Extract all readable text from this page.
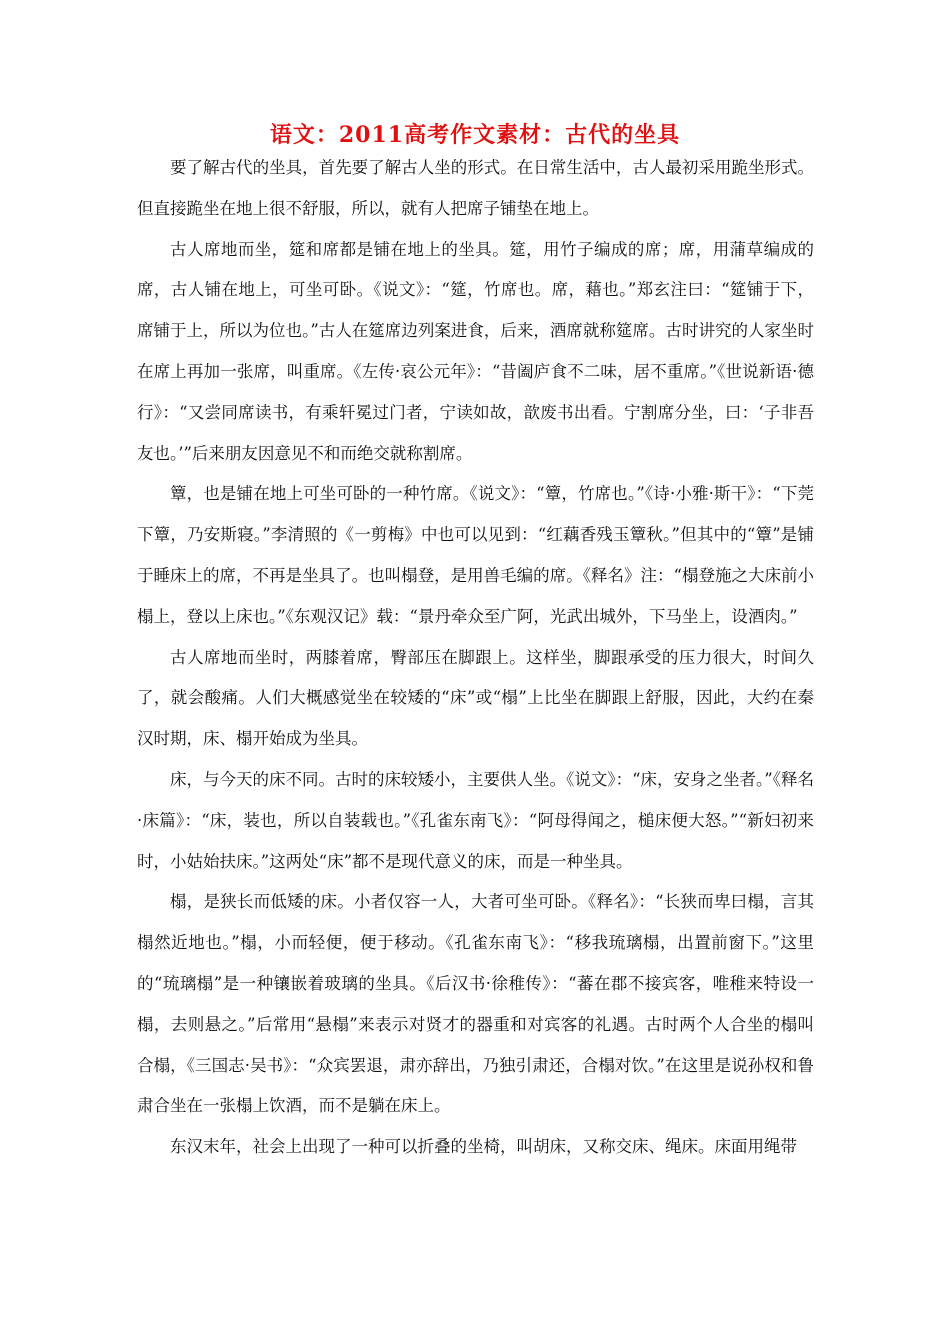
语文：2011高考作文素材：古代的坐具

要了解古代的坐具，首先要了解古人坐的形式。在日常生活中，古人最初采用跪坐形式。但直接跪坐在地上很不舒服，所以，就有人把席子铺垫在地上。

古人席地而坐，筵和席都是铺在地上的坐具。筵，用竹子编成的席；席，用蒲草编成的席，古人铺在地上，可坐可卧。《说文》：“筵，竹席也。席，藉也。”郑玄注曰：“筵铺于下，席铺于上，所以为位也。”古人在筵席边列案进食，后来，酒席就称筵席。古时讲究的人家坐时在席上再加一张席，叫重席。《左传·哀公元年》：“昔阖庐食不二味，居不重席。”《世说新语·德行》：“又尝同席读书，有乘轩冕过门者，宁读如故，歆废书出看。宁割席分坐，曰：‘子非吾友也。’”后来朋友因意见不和而绝交就称割席。

簟，也是铺在地上可坐可卧的一种竹席。《说文》：“簟，竹席也。”《诗·小雅·斯干》：“下莞下簟，乃安斯寝。”李清照的《一剪梅》中也可以见到：“红藕香残玉簟秋。”但其中的“簟”是铺于睡床上的席，不再是坐具了。也叫榻登，是用兽毛编的席。《释名》注：“榻登施之大床前小榻上，登以上床也。”《东观汉记》载：“景丹牵众至广阿，光武出城外，下马坐上，设酒肉。”

古人席地而坐时，两膝着席，臀部压在脚跟上。这样坐，脚跟承受的压力很大，时间久了，就会酸痛。人们大概感觉坐在较矮的“床”或“榻”上比坐在脚跟上舒服，因此，大约在秦汉时期，床、榻开始成为坐具。

床，与今天的床不同。古时的床较矮小，主要供人坐。《说文》：“床，安身之坐者。”《释名·床篇》：“床，装也，所以自装载也。”《孔雀东南飞》：“阿母得闻之，槌床便大怒。”“新妇初来时，小姑始扶床。”这两处“床”都不是现代意义的床，而是一种坐具。

榻，是狭长而低矮的床。小者仅容一人，大者可坐可卧。《释名》：“长狭而卑曰榻，言其榻然近地也。”榻，小而轻便，便于移动。《孔雀东南飞》：“移我琉璃榻，出置前窗下。”这里的“琉璃榻”是一种镶嵌着玻璃的坐具。《后汉书·徐稚传》：“蕃在郡不接宾客，唯稚来特设一榻，去则悬之。”后常用“悬榻”来表示对贤才的器重和对宾客的礼遇。古时两个人合坐的榻叫合榻，《三国志·吴书》：“众宾罢退，肃亦辞出，乃独引肃还，合榻对饮。”在这里是说孙权和鲁肃合坐在一张榻上饮酒，而不是躺在床上。

东汉末年，社会上出现了一种可以折叠的坐椅，叫胡床，又称交床、绳床。床面用绳带
